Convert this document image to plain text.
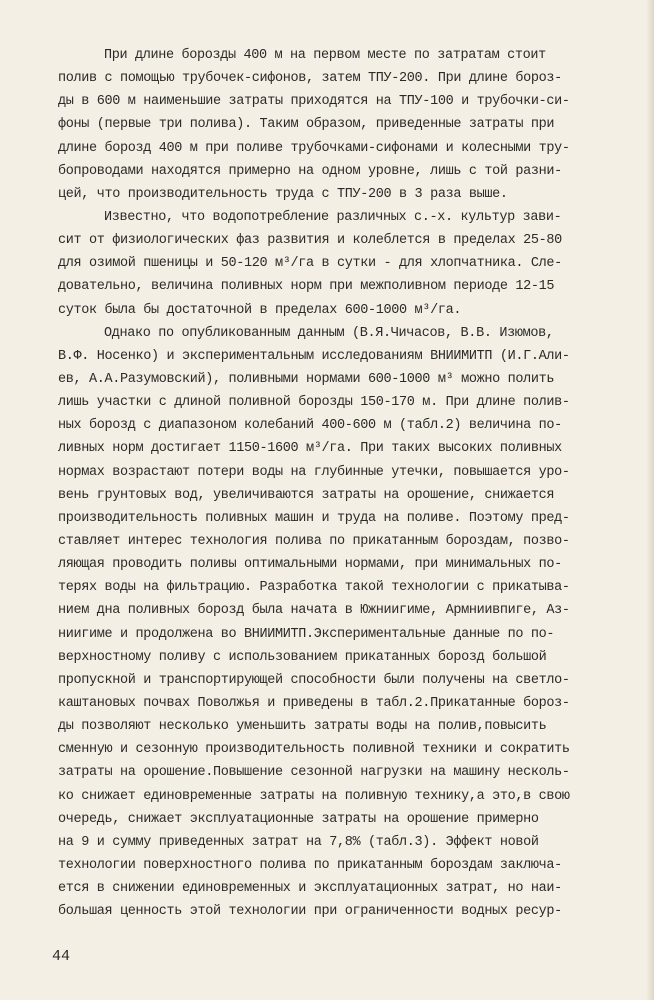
При длине борозды 400 м на первом месте по затратам стоит
полив с помощью трубочек-сифонов, затем ТПУ-200. При длине бороз-
ды в 600 м наименьшие затраты приходятся на ТПУ-100 и трубочки-си-
фоны (первые три полива). Таким образом, приведенные затраты при
длине борозд 400 м при поливе трубочками-сифонами и колесными тру-
бопроводами находятся примерно на одном уровне, лишь с той разни-
цей, что производительность труда с ТПУ-200 в 3 раза выше.
Известно, что водопотребление различных с.-х. культур зави-
сит от физиологических фаз развития и колеблется в пределах 25-80
для озимой пшеницы и 50-120 м³/га в сутки - для хлопчатника. Сле-
довательно, величина поливных норм при межполивном периоде 12-15
суток была бы достаточной в пределах 600-1000 м³/га.
Однако по опубликованным данным (В.Я.Чичасов, В.В. Изюмов,
В.Ф. Носенко) и экспериментальным исследованиям ВНИИМИТП (И.Г.Али-
ев, А.А.Разумовский), поливными нормами 600-1000 м³ можно полить
лишь участки с длиной поливной борозды 150-170 м. При длине полив-
ных борозд с диапазоном колебаний 400-600 м (табл.2) величина по-
ливных норм достигает 1150-1600 м³/га. При таких высоких поливных
нормах возрастают потери воды на глубинные утечки, повышается уро-
вень грунтовых вод, увеличиваются затраты на орошение, снижается
производительность поливных машин и труда на поливе. Поэтому пред-
ставляет интерес технология полива по прикатанным бороздам, позво-
ляющая проводить поливы оптимальными нормами, при минимальных по-
терях воды на фильтрацию. Разработка такой технологии с прикатыва-
нием дна поливных борозд была начата в Южниигиме, Армниивпиге, Аз-
ниигиме и продолжена во ВНИИМИТП.Экспериментальные данные по по-
верхностному поливу с использованием прикатанных борозд большой
пропускной и транспортирующей способности были получены на светло-
каштановых почвах Поволжья и приведены в табл.2.Прикатанные бороз-
ды позволяют несколько уменьшить затраты воды на полив,повысить
сменную и сезонную производительность поливной техники и сократить
затраты на орошение.Повышение сезонной нагрузки на машину несколь-
ко снижает единовременные затраты на поливную технику,а это,в свою
очередь, снижает эксплуатационные затраты на орошение примерно
на 9 и сумму приведенных затрат на 7,8% (табл.3). Эффект новой
технологии поверхностного полива по прикатанным бороздам заключа-
ется в снижении единовременных и эксплуатационных затрат, но наи-
большая ценность этой технологии при ограниченности водных ресур-
44
